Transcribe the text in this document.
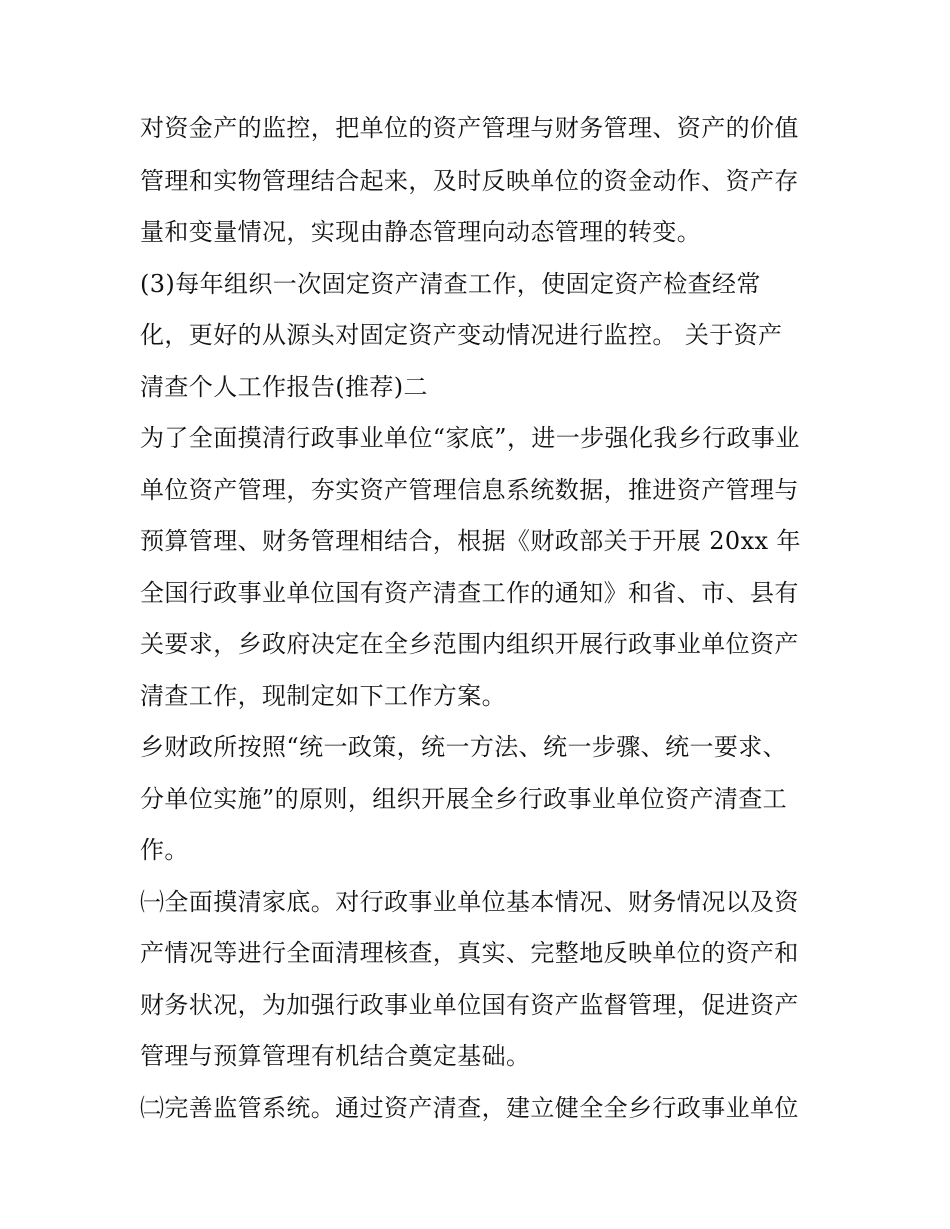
对资金产的监控，把单位的资产管理与财务管理、资产的价值
管理和实物管理结合起来，及时反映单位的资金动作、资产存
量和变量情况，实现由静态管理向动态管理的转变。
(3)每年组织一次固定资产清查工作，使固定资产检查经常
化，更好的从源头对固定资产变动情况进行监控。 关于资产
清查个人工作报告(推荐)二
为了全面摸清行政事业单位“家底”，进一步强化我乡行政事业
单位资产管理，夯实资产管理信息系统数据，推进资产管理与
预算管理、财务管理相结合，根据《财政部关于开展 20xx 年
全国行政事业单位国有资产清查工作的通知》和省、市、县有
关要求，乡政府决定在全乡范围内组织开展行政事业单位资产
清查工作，现制定如下工作方案。
乡财政所按照“统一政策，统一方法、统一步骤、统一要求、
分单位实施”的原则，组织开展全乡行政事业单位资产清查工
作。
㈠全面摸清家底。对行政事业单位基本情况、财务情况以及资
产情况等进行全面清理核查，真实、完整地反映单位的资产和
财务状况，为加强行政事业单位国有资产监督管理，促进资产
管理与预算管理有机结合奠定基础。
㈡完善监管系统。通过资产清查，建立健全全乡行政事业单位
